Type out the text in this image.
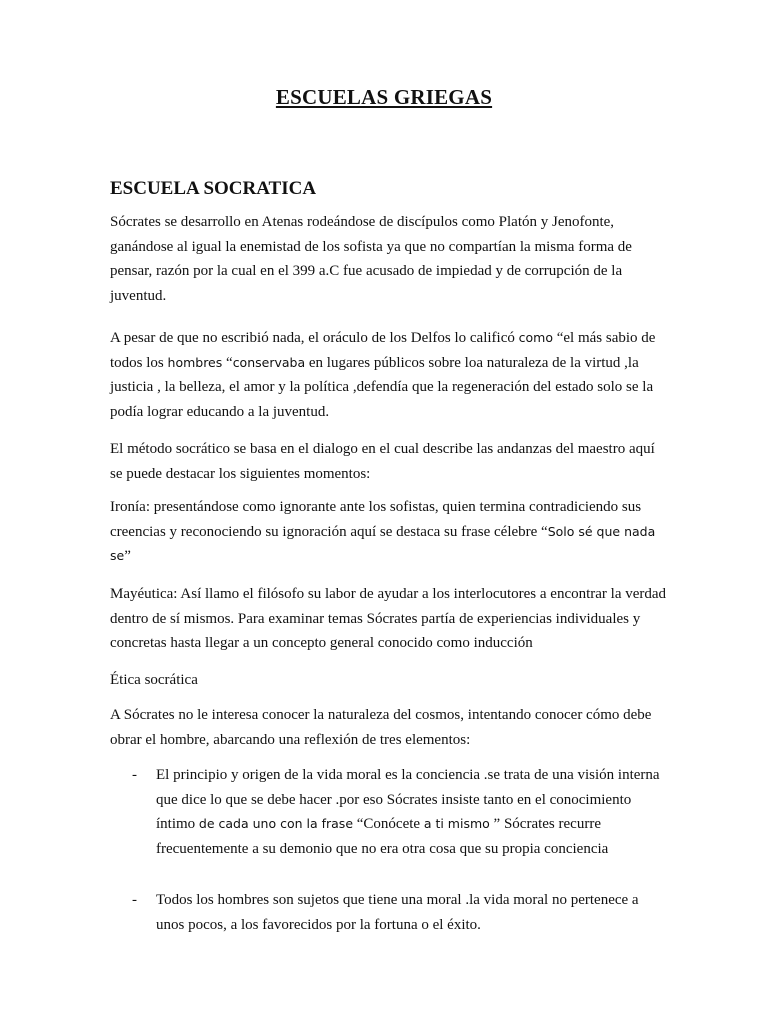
ESCUELAS GRIEGAS
ESCUELA SOCRATICA

Sócrates se desarrollo en Atenas rodeándose de discípulos como Platón y Jenofonte, ganándose al igual la enemistad de los sofista ya que no compartían la misma forma de pensar, razón por la cual en el 399 a.C fue acusado de impiedad y de corrupción de la juventud.

A pesar de que no escribió nada, el oráculo de los Delfos lo calificó como “el más sabio de todos los hombres “conservaba en lugares públicos sobre loa naturaleza de la virtud ,la justicia , la belleza, el amor y la política ,defendía que la regeneración del estado solo se la podía lograr educando a la juventud.

El método socrático se basa en el dialogo en el cual describe las andanzas del maestro aquí se puede destacar los siguientes momentos:

Ironía: presentándose como ignorante ante los sofistas, quien termina contradiciendo sus creencias y reconociendo su ignoración aquí se destaca su frase célebre “Solo sé que nada se”

Mayéutica: Así llamo el filósofo su labor de ayudar a los interlocutores a encontrar la verdad dentro de sí mismos. Para examinar temas Sócrates partía de experiencias individuales y concretas hasta llegar a un concepto general conocido como inducción

Ética socrática

A Sócrates no le interesa conocer la naturaleza del cosmos, intentando conocer cómo debe obrar el hombre, abarcando una reflexión de tres elementos:

- El principio y origen de la vida moral es la conciencia .se trata de una visión interna que dice lo que se debe hacer .por eso Sócrates insiste tanto en el conocimiento íntimo de cada uno con la frase “Conócete a ti mismo ” Sócrates recurre frecuentemente a su demonio que no era otra cosa que su propia conciencia
- Todos los hombres son sujetos que tiene una moral .la vida moral no pertenece a unos pocos, a los favorecidos por la fortuna o el éxito.
